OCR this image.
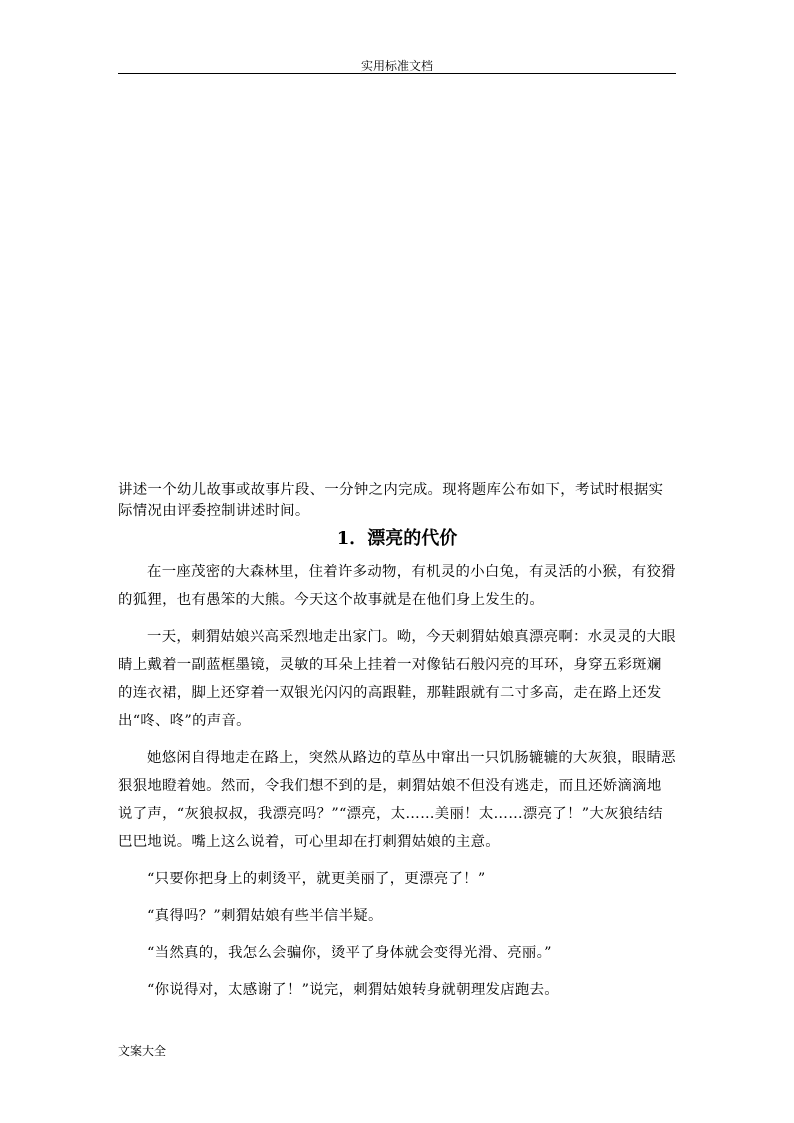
实用标准文档

讲述一个幼儿故事或故事片段、一分钟之内完成。现将题库公布如下，考试时根据实际情况由评委控制讲述时间。

1．漂亮的代价

在一座茂密的大森林里，住着许多动物，有机灵的小白兔，有灵活的小猴，有狡猾的狐狸，也有愚笨的大熊。今天这个故事就是在他们身上发生的。

一天，刺猬姑娘兴高采烈地走出家门。呦，今天刺猬姑娘真漂亮啊：水灵灵的大眼睛上戴着一副蓝框墨镜，灵敏的耳朵上挂着一对像钻石般闪亮的耳环，身穿五彩斑斓的连衣裙，脚上还穿着一双银光闪闪的高跟鞋，那鞋跟就有二寸多高，走在路上还发出“咚、咚”的声音。

她悠闲自得地走在路上，突然从路边的草丛中窜出一只饥肠辘辘的大灰狼，眼睛恶狠狠地瞪着她。然而，令我们想不到的是，刺猬姑娘不但没有逃走，而且还娇滴滴地说了声，“灰狼叔叔，我漂亮吗？”“漂亮，太……美丽！太……漂亮了！”大灰狼结结巴巴地说。嘴上这么说着，可心里却在打刺猬姑娘的主意。

“只要你把身上的刺烫平，就更美丽了，更漂亮了！”

“真得吗？”刺猬姑娘有些半信半疑。

“当然真的，我怎么会骗你，烫平了身体就会变得光滑、亮丽。”

“你说得对，太感谢了！”说完，刺猬姑娘转身就朝理发店跑去。

文案大全
